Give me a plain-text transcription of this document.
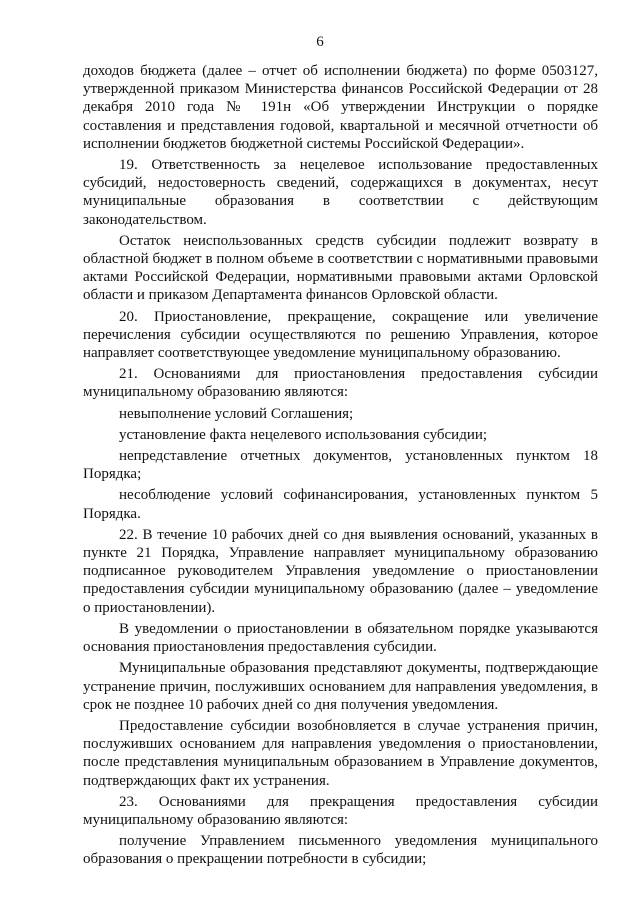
6

доходов бюджета (далее – отчет об исполнении бюджета) по форме 0503127, утвержденной приказом Министерства финансов Российской Федерации от 28 декабря 2010 года № 191н «Об утверждении Инструкции о порядке составления и представления годовой, квартальной и месячной отчетности об исполнении бюджетов бюджетной системы Российской Федерации».

19. Ответственность за нецелевое использование предоставленных субсидий, недостоверность сведений, содержащихся в документах, несут муниципальные образования в соответствии с действующим законодательством.

Остаток неиспользованных средств субсидии подлежит возврату в областной бюджет в полном объеме в соответствии с нормативными правовыми актами Российской Федерации, нормативными правовыми актами Орловской области и приказом Департамента финансов Орловской области.

20. Приостановление, прекращение, сокращение или увеличение перечисления субсидии осуществляются по решению Управления, которое направляет соответствующее уведомление муниципальному образованию.

21. Основаниями для приостановления предоставления субсидии муниципальному образованию являются:

невыполнение условий Соглашения;

установление факта нецелевого использования субсидии;

непредставление отчетных документов, установленных пунктом 18 Порядка;

несоблюдение условий софинансирования, установленных пунктом 5 Порядка.

22. В течение 10 рабочих дней со дня выявления оснований, указанных в пункте 21 Порядка, Управление направляет муниципальному образованию подписанное руководителем Управления уведомление о приостановлении предоставления субсидии муниципальному образованию (далее – уведомление о приостановлении).

В уведомлении о приостановлении в обязательном порядке указываются основания приостановления предоставления субсидии.

Муниципальные образования представляют документы, подтверждающие устранение причин, послуживших основанием для направления уведомления, в срок не позднее 10 рабочих дней со дня получения уведомления.

Предоставление субсидии возобновляется в случае устранения причин, послуживших основанием для направления уведомления о приостановлении, после представления муниципальным образованием в Управление документов, подтверждающих факт их устранения.

23. Основаниями для прекращения предоставления субсидии муниципальному образованию являются:

получение Управлением письменного уведомления муниципального образования о прекращении потребности в субсидии;
